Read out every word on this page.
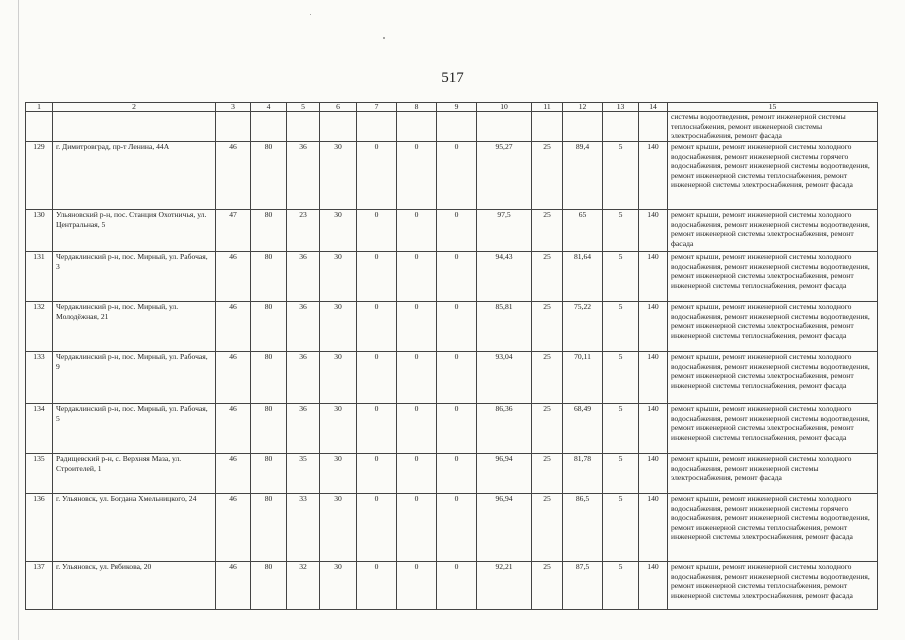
517
1	2	3	4	5	6	7	8	9	10	11	12	13	14	15
														системы водоотведения, ремонт инженерной системы теплоснабжения, ремонт инженерной системы электроснабжения, ремонт фасада
129	г. Димитровград, пр-т Ленина, 44А	46	80	36	30	0	0	0	95,27	25	89,4	5	140	ремонт крыши, ремонт инженерной системы холодного водоснабжения, ремонт инженерной системы горячего водоснабжения, ремонт инженерной системы водоотведения, ремонт инженерной системы теплоснабжения, ремонт инженерной системы электроснабжения, ремонт фасада
130	Ульяновский р-н, пос. Станция Охотничья, ул. Центральная, 5	47	80	23	30	0	0	0	97,5	25	65	5	140	ремонт крыши, ремонт инженерной системы холодного водоснабжения, ремонт инженерной системы водоотведения, ремонт инженерной системы электроснабжения, ремонт фасада
131	Чердаклинский р-н, пос. Мирный, ул. Рабочая, 3	46	80	36	30	0	0	0	94,43	25	81,64	5	140	ремонт крыши, ремонт инженерной системы холодного водоснабжения, ремонт инженерной системы водоотведения, ремонт инженерной системы электроснабжения, ремонт инженерной системы теплоснабжения, ремонт фасада
132	Чердаклинский р-н, пос. Мирный, ул. Молодёжная, 21	46	80	36	30	0	0	0	85,81	25	75,22	5	140	ремонт крыши, ремонт инженерной системы холодного водоснабжения, ремонт инженерной системы водоотведения, ремонт инженерной системы электроснабжения, ремонт инженерной системы теплоснабжения, ремонт фасада
133	Чердаклинский р-н, пос. Мирный, ул. Рабочая, 9	46	80	36	30	0	0	0	93,04	25	70,11	5	140	ремонт крыши, ремонт инженерной системы холодного водоснабжения, ремонт инженерной системы водоотведения, ремонт инженерной системы электроснабжения, ремонт инженерной системы теплоснабжения, ремонт фасада
134	Чердаклинский р-н, пос. Мирный, ул. Рабочая, 5	46	80	36	30	0	0	0	86,36	25	68,49	5	140	ремонт крыши, ремонт инженерной системы холодного водоснабжения, ремонт инженерной системы водоотведения, ремонт инженерной системы электроснабжения, ремонт инженерной системы теплоснабжения, ремонт фасада
135	Радищевский р-н, с. Верхняя Маза, ул. Строителей, 1	46	80	35	30	0	0	0	96,94	25	81,78	5	140	ремонт крыши, ремонт инженерной системы холодного водоснабжения, ремонт инженерной системы электроснабжения, ремонт фасада
136	г. Ульяновск, ул. Богдана Хмельницкого, 24	46	80	33	30	0	0	0	96,94	25	86,5	5	140	ремонт крыши, ремонт инженерной системы холодного водоснабжения, ремонт инженерной системы горячего водоснабжения, ремонт инженерной системы водоотведения, ремонт инженерной системы теплоснабжения, ремонт инженерной системы электроснабжения, ремонт фасада
137	г. Ульяновск, ул. Рябикова, 20	46	80	32	30	0	0	0	92,21	25	87,5	5	140	ремонт крыши, ремонт инженерной системы холодного водоснабжения, ремонт инженерной системы водоотведения, ремонт инженерной системы теплоснабжения, ремонт инженерной системы электроснабжения, ремонт фасада
